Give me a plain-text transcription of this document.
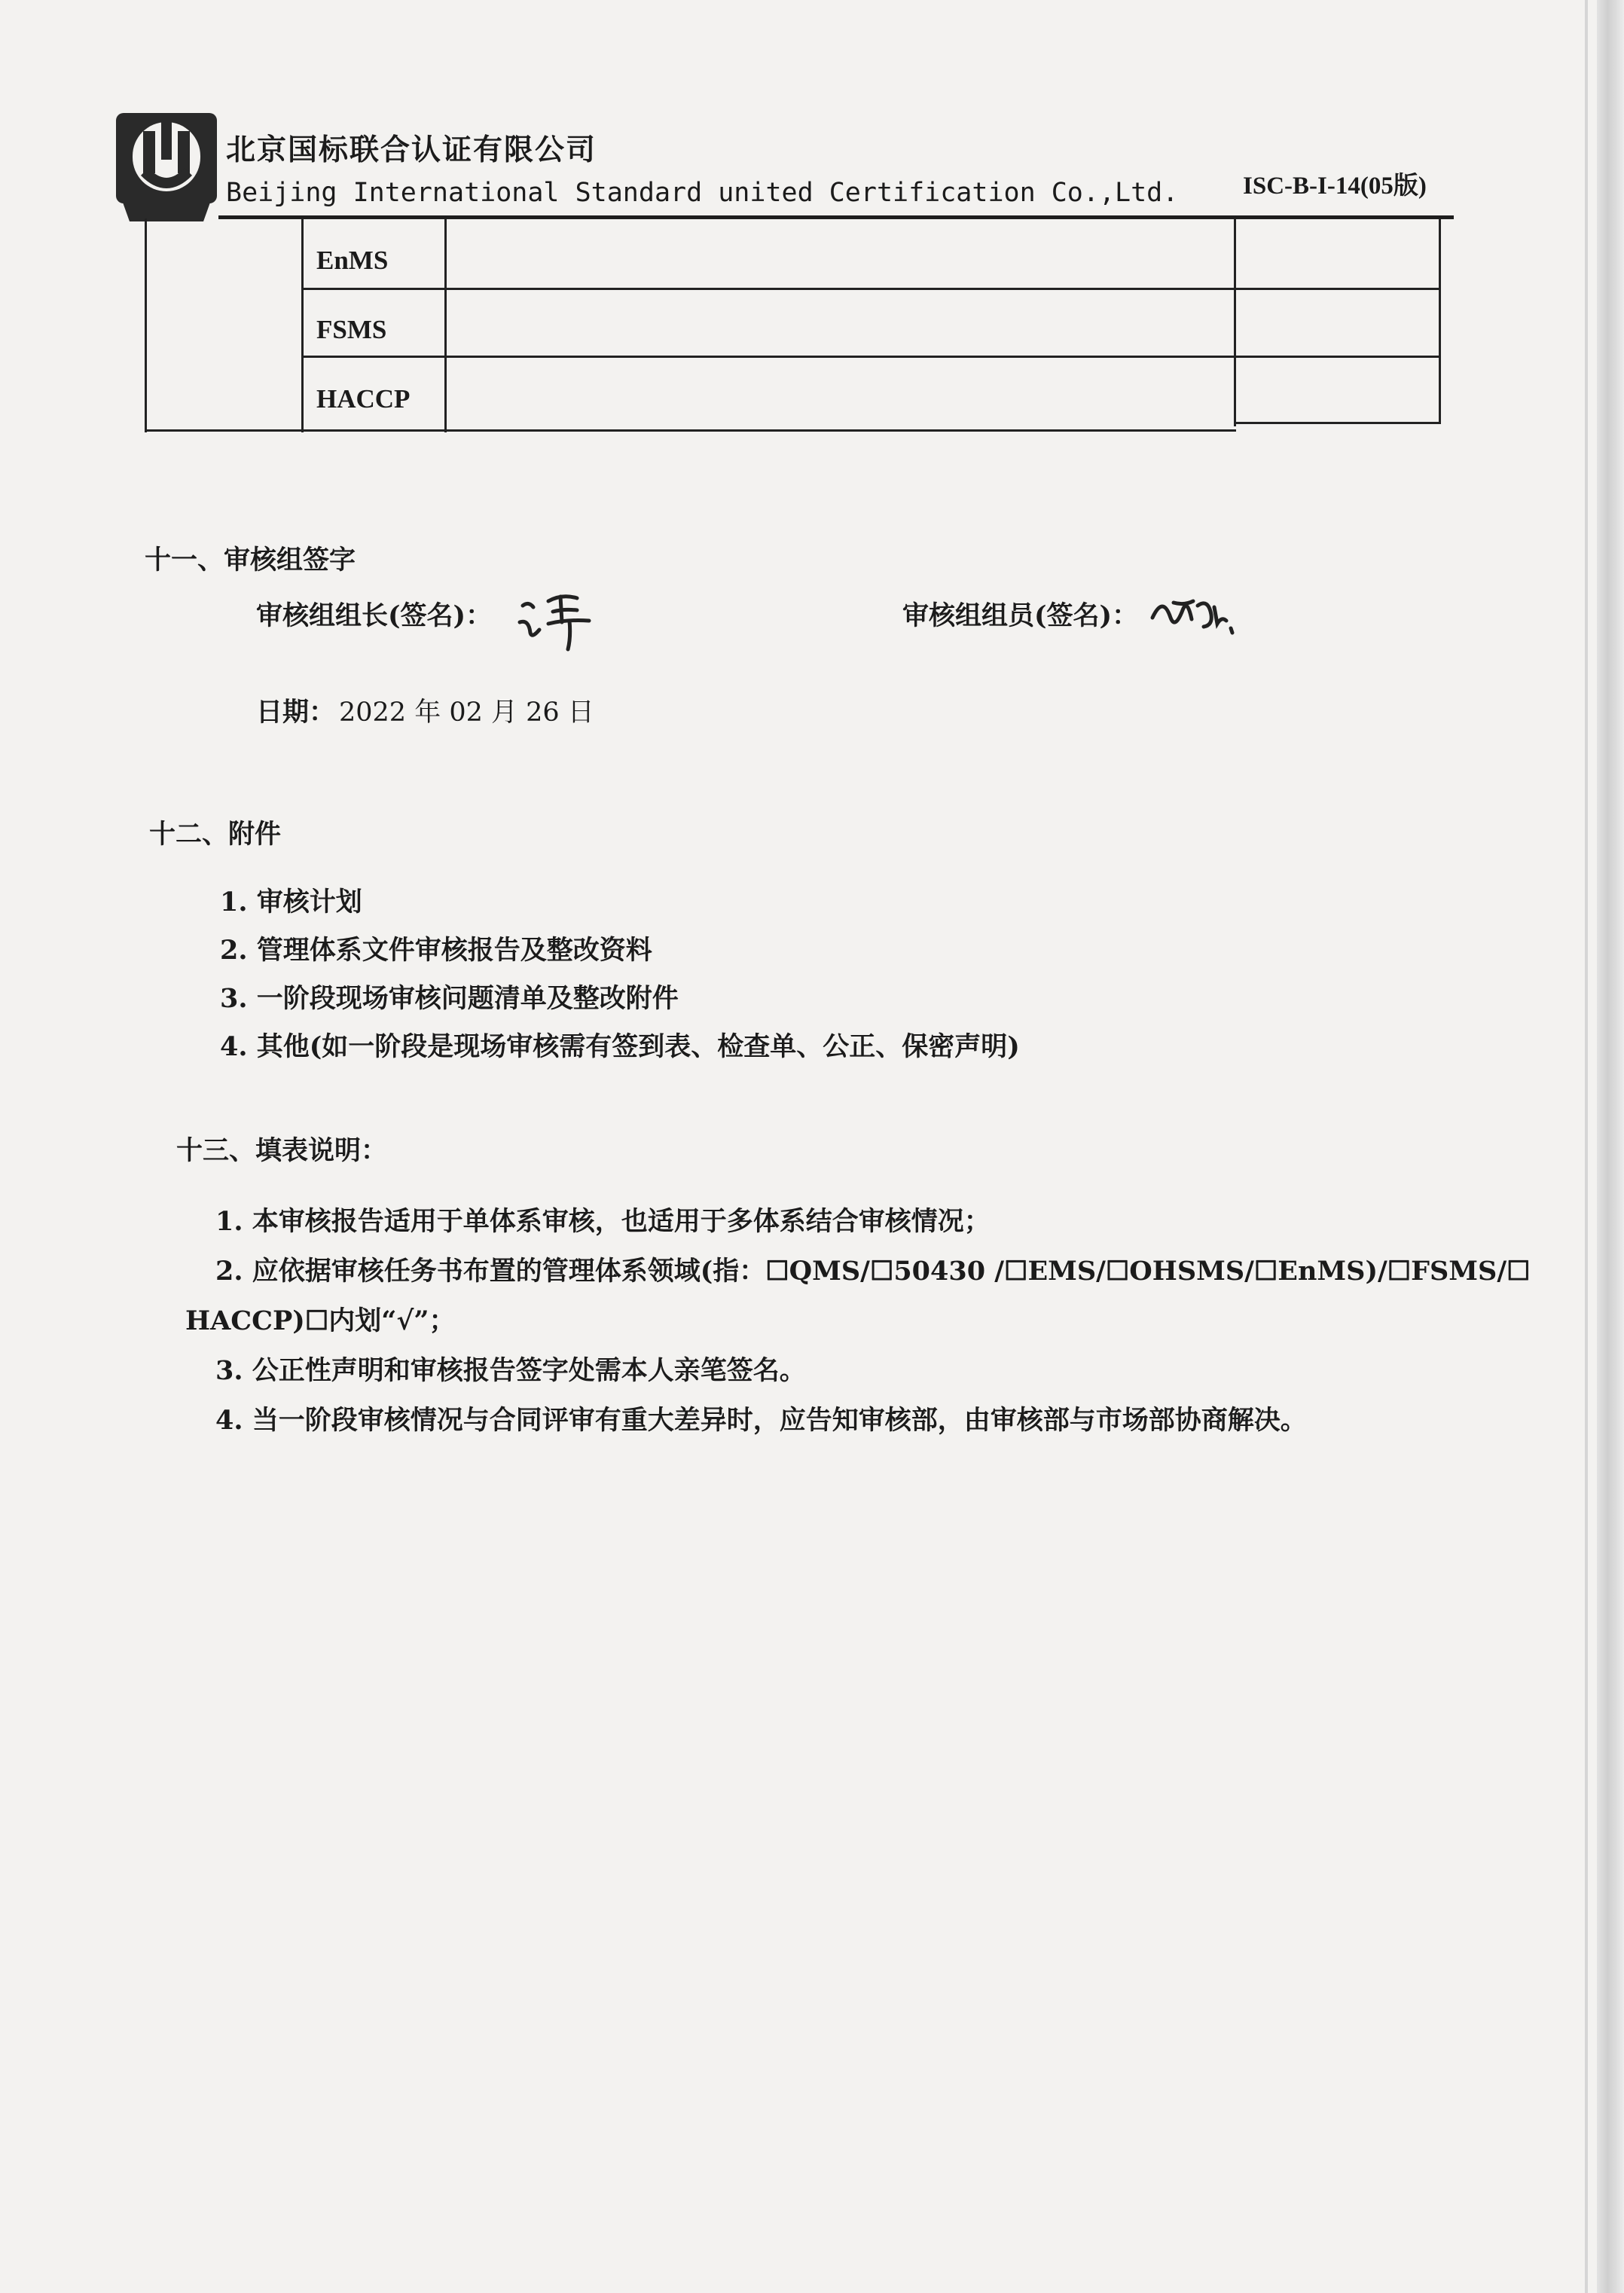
北京国标联合认证有限公司
Beijing International Standard united Certification Co.,Ltd.	ISC-B-I-14(05版)
EnMS
FSMS
HACCP
十一、审核组签字
审核组组长(签名)：	审核组组员(签名)：
日期： 2022 年 02 月 26 日
十二、附件
1. 审核计划
2. 管理体系文件审核报告及整改资料
3. 一阶段现场审核问题清单及整改附件
4. 其他(如一阶段是现场审核需有签到表、检查单、公正、保密声明)
十三、填表说明：
1. 本审核报告适用于单体系审核，也适用于多体系结合审核情况；
2. 应依据审核任务书布置的管理体系领域(指：☐QMS/☐50430 /☐EMS/☐OHSMS/☐EnMS)/☐FSMS/☐
HACCP)☐内划“√”；
3. 公正性声明和审核报告签字处需本人亲笔签名。
4. 当一阶段审核情况与合同评审有重大差异时，应告知审核部，由审核部与市场部协商解决。
